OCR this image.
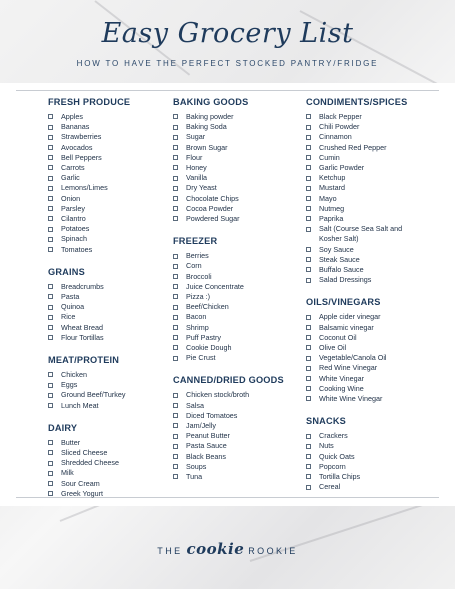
Easy Grocery List
HOW TO HAVE THE PERFECT STOCKED PANTRY/FRIDGE
FRESH PRODUCE
Apples
Bananas
Strawberries
Avocados
Bell Peppers
Carrots
Garlic
Lemons/Limes
Onion
Parsley
Cilantro
Potatoes
Spinach
Tomatoes
GRAINS
Breadcrumbs
Pasta
Quinoa
Rice
Wheat Bread
Flour Tortillas
MEAT/PROTEIN
Chicken
Eggs
Ground Beef/Turkey
Lunch Meat
DAIRY
Butter
Sliced Cheese
Shredded Cheese
Milk
Sour Cream
Greek Yogurt
BAKING GOODS
Baking powder
Baking Soda
Sugar
Brown Sugar
Flour
Honey
Vanilla
Dry Yeast
Chocolate Chips
Cocoa Powder
Powdered Sugar
FREEZER
Berries
Corn
Broccoli
Juice Concentrate
Pizza :)
Beef/Chicken
Bacon
Shrimp
Puff Pastry
Cookie Dough
Pie Crust
CANNED/DRIED GOODS
Chicken stock/broth
Salsa
Diced Tomatoes
Jam/Jelly
Peanut Butter
Pasta Sauce
Black Beans
Soups
Tuna
CONDIMENTS/SPICES
Black Pepper
Chili Powder
Cinnamon
Crushed Red Pepper
Cumin
Garlic Powder
Ketchup
Mustard
Mayo
Nutmeg
Paprika
Salt (Course Sea Salt and Kosher Salt)
Soy Sauce
Steak Sauce
Buffalo Sauce
Salad Dressings
OILS/VINEGARS
Apple cider vinegar
Balsamic vinegar
Coconut Oil
Olive Oil
Vegetable/Canola Oil
Red Wine Vinegar
White Vinegar
Cooking Wine
White Wine Vinegar
SNACKS
Crackers
Nuts
Quick Oats
Popcorn
Tortilla Chips
Cereal
THE cookie ROOKIE
